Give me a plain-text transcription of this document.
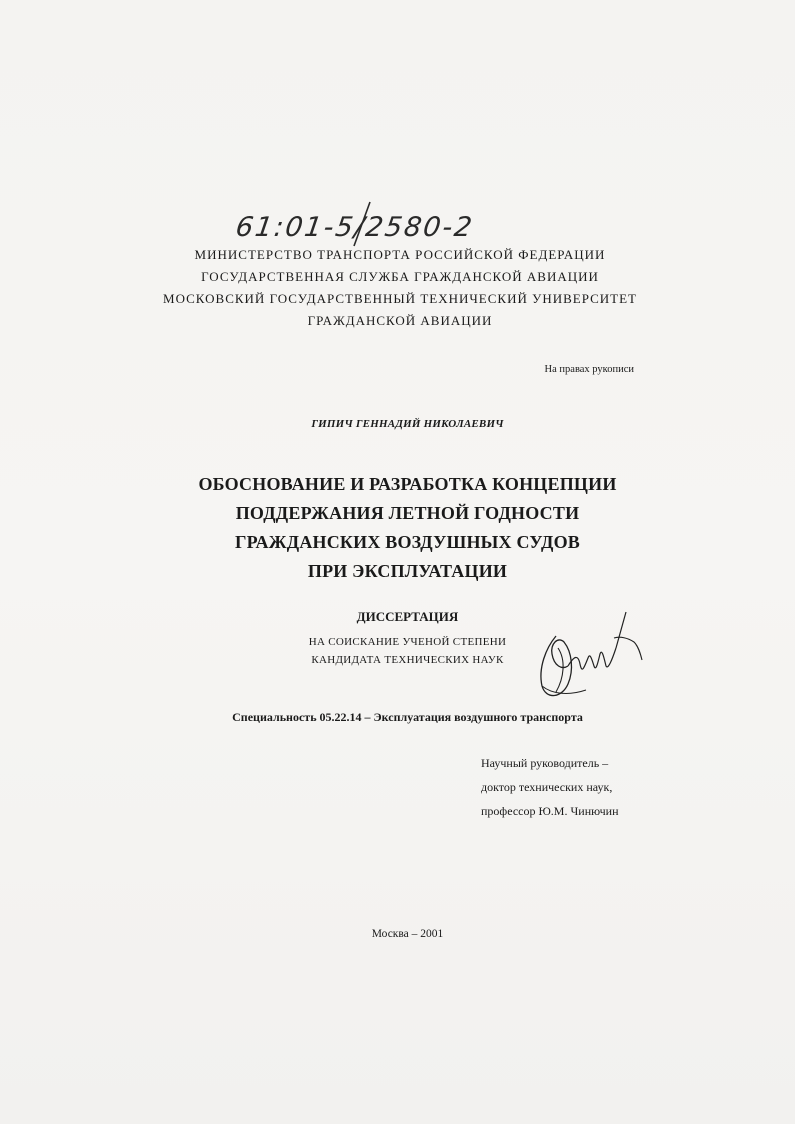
61:01-5/2580-2
МИНИСТЕРСТВО ТРАНСПОРТА РОССИЙСКОЙ ФЕДЕРАЦИИ
ГОСУДАРСТВЕННАЯ СЛУЖБА ГРАЖДАНСКОЙ АВИАЦИИ
МОСКОВСКИЙ ГОСУДАРСТВЕННЫЙ ТЕХНИЧЕСКИЙ УНИВЕРСИТЕТ
ГРАЖДАНСКОЙ АВИАЦИИ
На правах рукописи
ГИПИЧ ГЕННАДИЙ НИКОЛАЕВИЧ
ОБОСНОВАНИЕ И РАЗРАБОТКА КОНЦЕПЦИИ
ПОДДЕРЖАНИЯ ЛЕТНОЙ ГОДНОСТИ
ГРАЖДАНСКИХ ВОЗДУШНЫХ СУДОВ
ПРИ ЭКСПЛУАТАЦИИ
ДИССЕРТАЦИЯ
НА СОИСКАНИЕ УЧЕНОЙ СТЕПЕНИ
КАНДИДАТА ТЕХНИЧЕСКИХ НАУК
Специальность 05.22.14 – Эксплуатация воздушного транспорта
Научный руководитель –
доктор технических наук,
профессор Ю.М. Чинючин
Москва – 2001
